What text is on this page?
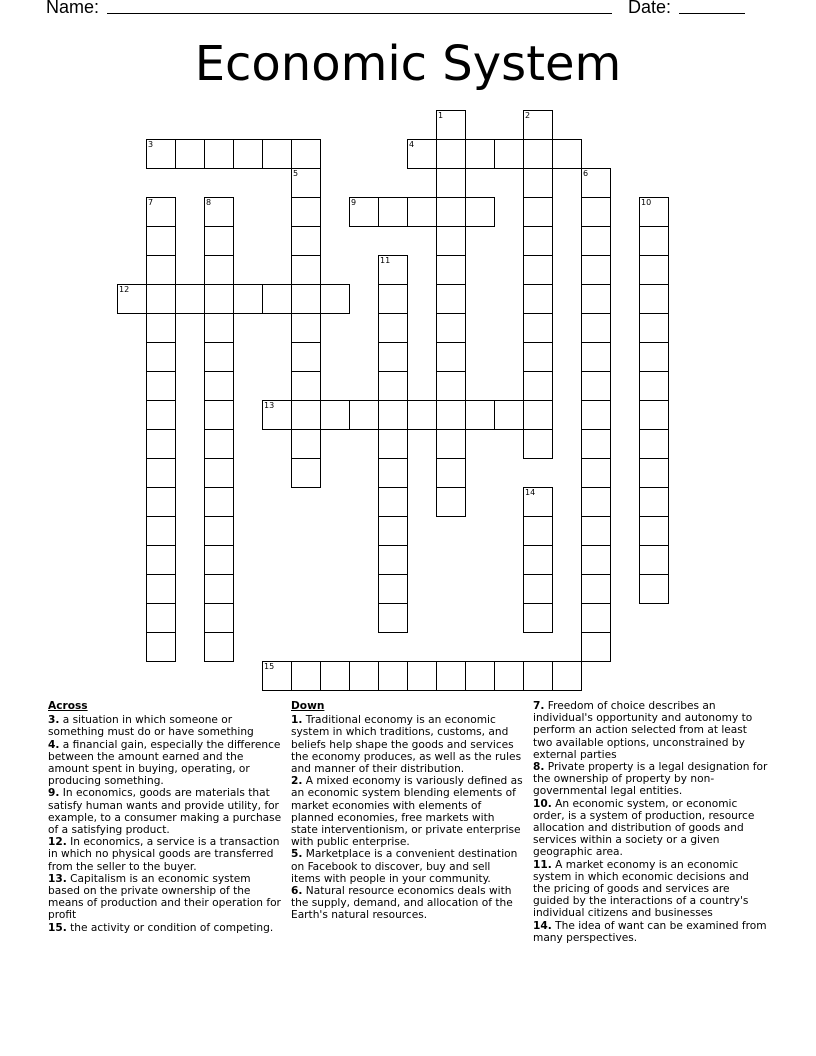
Name:	Date:
Economic System
1	2
3	4
5	6
7	8	9	10
11
12
13
14
15
Across
3. a situation in which someone or something must do or have something
4. a financial gain, especially the difference between the amount earned and the amount spent in buying, operating, or producing something.
9. In economics, goods are materials that satisfy human wants and provide utility, for example, to a consumer making a purchase of a satisfying product.
12. In economics, a service is a transaction in which no physical goods are transferred from the seller to the buyer.
13. Capitalism is an economic system based on the private ownership of the means of production and their operation for profit
15. the activity or condition of competing.
Down
1. Traditional economy is an economic system in which traditions, customs, and beliefs help shape the goods and services the economy produces, as well as the rules and manner of their distribution.
2. A mixed economy is variously defined as an economic system blending elements of market economies with elements of planned economies, free markets with state interventionism, or private enterprise with public enterprise.
5. Marketplace is a convenient destination on Facebook to discover, buy and sell items with people in your community.
6. Natural resource economics deals with the supply, demand, and allocation of the Earth's natural resources.
7. Freedom of choice describes an individual's opportunity and autonomy to perform an action selected from at least two available options, unconstrained by external parties
8. Private property is a legal designation for the ownership of property by non-governmental legal entities.
10. An economic system, or economic order, is a system of production, resource allocation and distribution of goods and services within a society or a given geographic area.
11. A market economy is an economic system in which economic decisions and the pricing of goods and services are guided by the interactions of a country's individual citizens and businesses
14. The idea of want can be examined from many perspectives.
